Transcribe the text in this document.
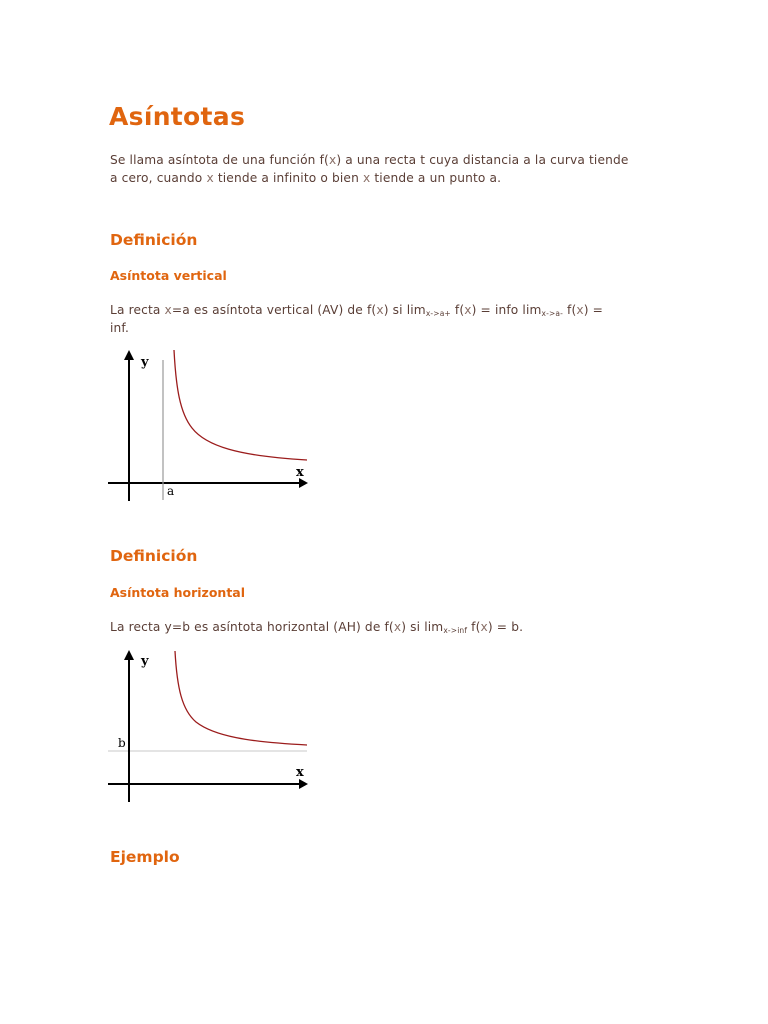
Asíntotas

Se llama asíntota de una función f(x) a una recta t cuya distancia a la curva tiende
a cero, cuando x tiende a infinito o bien x tiende a un punto a.

Definición
Asíntota vertical

La recta x=a es asíntota vertical (AV) de f(x) si $\lim_{x->a+} f(x)$ = info $\lim_{x->a-} f(x)$ =
inf.

y
x
a
Definición
Asíntota horizontal

La recta y=b es asíntota horizontal (AH) de f(x) si $\lim_{x->inf} f(x) = b$.

y
x
b
Ejemplo
